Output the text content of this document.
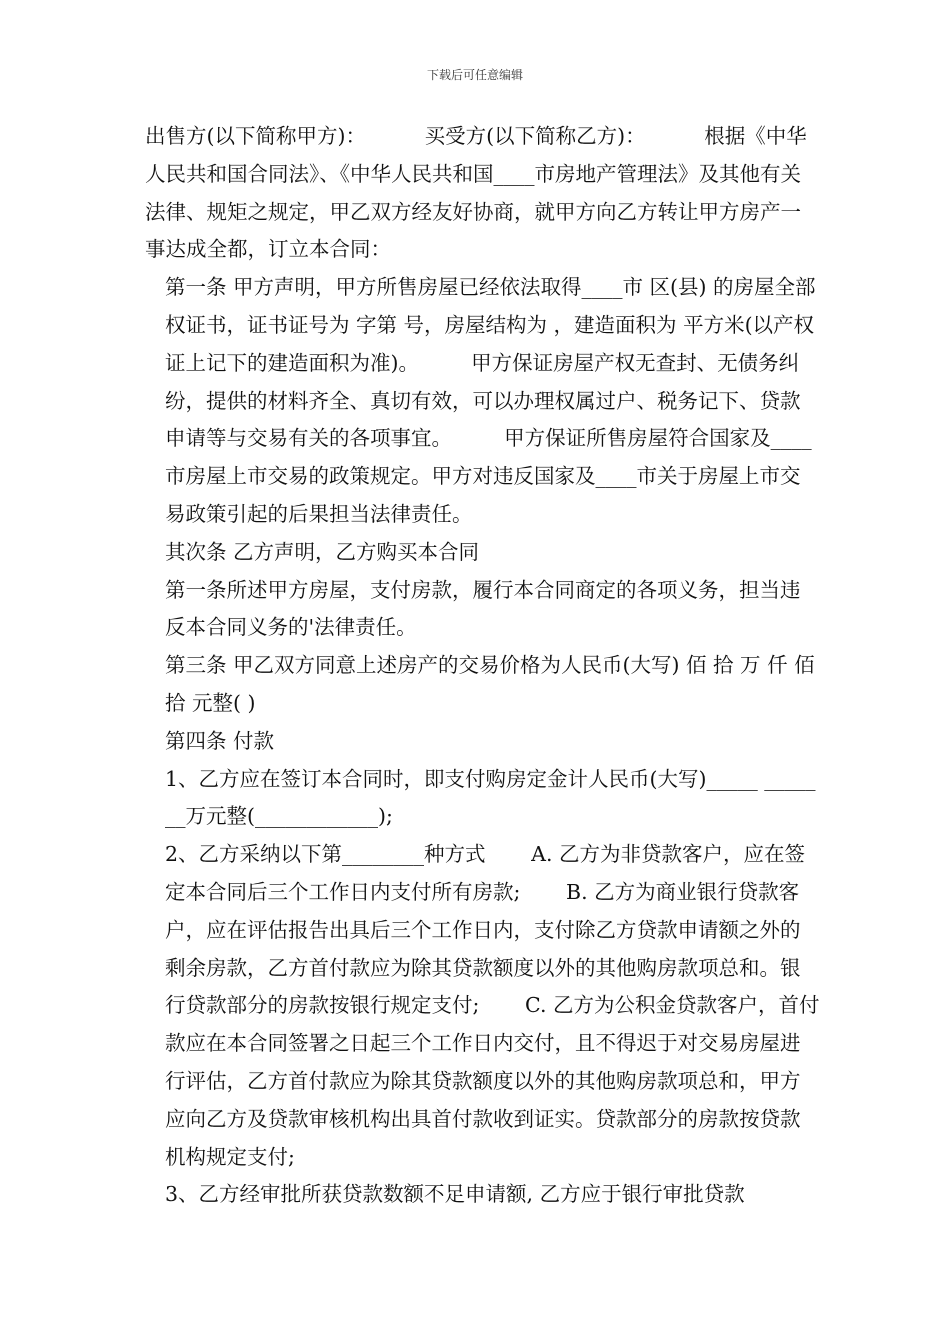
下载后可任意编辑

出售方(以下简称甲方)：         买受方(以下简称乙方)：         根据《中华人民共和国合同法》、《中华人民共和国____市房地产管理法》及其他有关法律、规矩之规定，甲乙双方经友好协商，就甲方向乙方转让甲方房产一事达成全都，订立本合同：

第一条 甲方声明，甲方所售房屋已经依法取得____市 区(县) 的房屋全部权证书，证书证号为 字第 号，房屋结构为 ，建造面积为 平方米(以产权证上记下的建造面积为准)。        甲方保证房屋产权无查封、无债务纠纷，提供的材料齐全、真切有效，可以办理权属过户、税务记下、贷款申请等与交易有关的各项事宜。        甲方保证所售房屋符合国家及____市房屋上市交易的政策规定。甲方对违反国家及____市关于房屋上市交易政策引起的后果担当法律责任。

其次条 乙方声明，乙方购买本合同

第一条所述甲方房屋，支付房款，履行本合同商定的各项义务，担当违反本合同义务的'法律责任。

第三条 甲乙双方同意上述房产的交易价格为人民币(大写) 佰 拾 万 仟 佰 拾 元整( )

第四条 付款

1、乙方应在签订本合同时，即支付购房定金计人民币(大写)_____ _______万元整(____________);

2、乙方采纳以下第________种方式       A. 乙方为非贷款客户，应在签定本合同后三个工作日内支付所有房款;       B. 乙方为商业银行贷款客户，应在评估报告出具后三个工作日内，支付除乙方贷款申请额之外的剩余房款，乙方首付款应为除其贷款额度以外的其他购房款项总和。银行贷款部分的房款按银行规定支付;       C. 乙方为公积金贷款客户，首付款应在本合同签署之日起三个工作日内交付，且不得迟于对交易房屋进行评估，乙方首付款应为除其贷款额度以外的其他购房款项总和，甲方应向乙方及贷款审核机构出具首付款收到证实。贷款部分的房款按贷款机构规定支付;

3、乙方经审批所获贷款数额不足申请额, 乙方应于银行审批贷款
